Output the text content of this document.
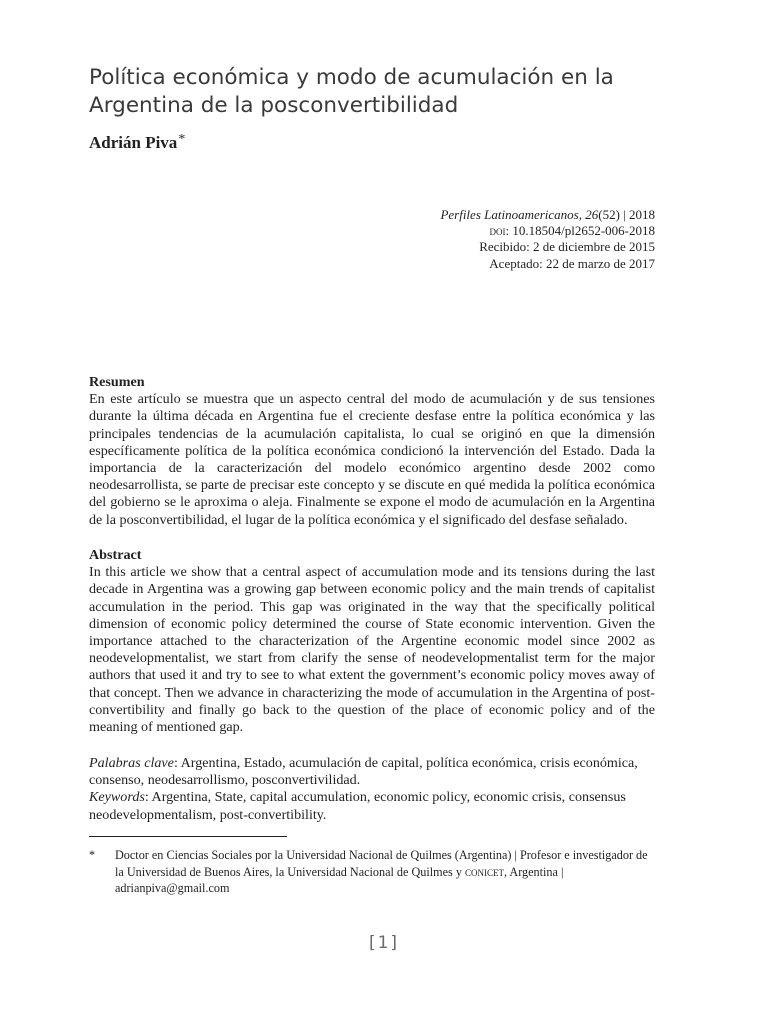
Política económica y modo de acumulación en la Argentina de la posconvertibilidad
Adrián Piva*
Perfiles Latinoamericanos, 26(52) | 2018
doi: 10.18504/pl2652-006-2018
Recibido: 2 de diciembre de 2015
Aceptado: 22 de marzo de 2017
Resumen
En este artículo se muestra que un aspecto central del modo de acumulación y de sus tensiones durante la última década en Argentina fue el creciente desfase entre la política económica y las principales tendencias de la acumulación capitalista, lo cual se originó en que la dimensión específicamente política de la política económica condicionó la intervención del Estado. Dada la importancia de la caracterización del modelo económico argentino desde 2002 como neodesarrollista, se parte de precisar este concepto y se discute en qué medida la política económica del gobierno se le aproxima o aleja. Finalmente se expone el modo de acumulación en la Argentina de la posconvertibilidad, el lugar de la política económica y el significado del desfase señalado.
Abstract
In this article we show that a central aspect of accumulation mode and its tensions during the last decade in Argentina was a growing gap between economic policy and the main trends of capitalist accumulation in the period. This gap was originated in the way that the specifically political dimension of economic policy determined the course of State economic intervention. Given the importance attached to the characterization of the Argentine economic model since 2002 as neodevelopmentalist, we start from clarify the sense of neodevelopmentalist term for the major authors that used it and try to see to what extent the government’s economic policy moves away of that concept. Then we advance in characterizing the mode of accumulation in the Argentina of post-convertibility and finally go back to the question of the place of economic policy and of the meaning of mentioned gap.
Palabras clave: Argentina, Estado, acumulación de capital, política económica, crisis económica, consenso, neodesarrollismo, posconvertivilidad.
Keywords: Argentina, State, capital accumulation, economic policy, economic crisis, consensus neodevelopmentalism, post-convertibility.
* Doctor en Ciencias Sociales por la Universidad Nacional de Quilmes (Argentina) | Profesor e investigador de la Universidad de Buenos Aires, la Universidad Nacional de Quilmes y conicet, Argentina | adrianpiva@gmail.com
[1]
